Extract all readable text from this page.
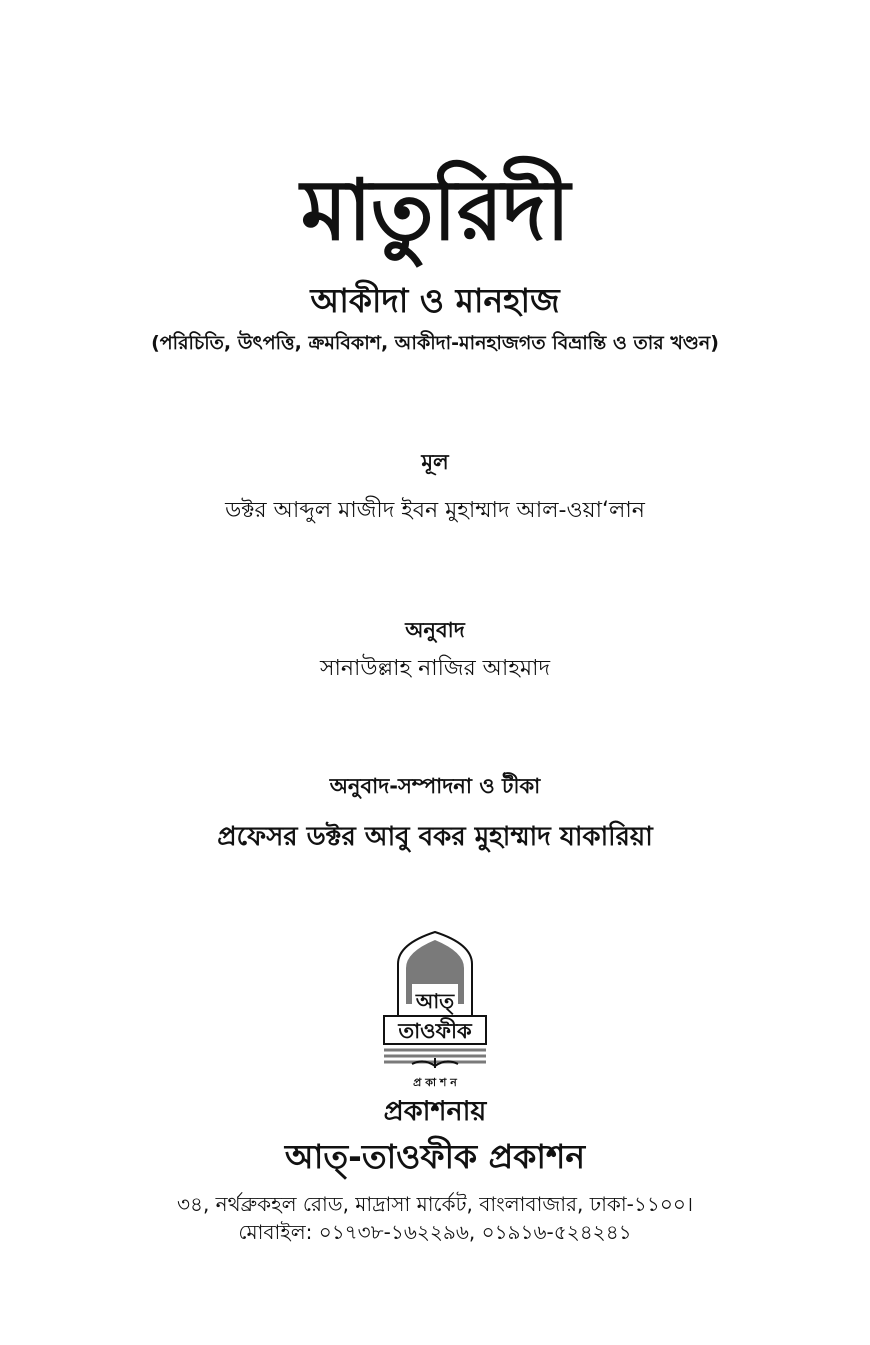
মাতুরিদী
আকীদা ও মানহাজ
(পরিচিতি, উৎপত্তি, ক্রমবিকাশ, আকীদা-মানহাজগত বিভ্রান্তি ও তার খণ্ডন)
মূল
ডক্টর আব্দুল মাজীদ ইবন মুহাম্মাদ আল-ওয়া‘লান
অনুবাদ
সানাউল্লাহ নাজির আহমাদ
অনুবাদ-সম্পাদনা ও টীকা
প্রফেসর ডক্টর আবু বকর মুহাম্মাদ যাকারিয়া
আত্
তাওফীক
প্র কা শ ন
প্রকাশনায়
আত্-তাওফীক প্রকাশন
৩৪, নর্থব্রুকহল রোড, মাদ্রাসা মার্কেট, বাংলাবাজার, ঢাকা-১১০০।
মোবাইল: ০১৭৩৮-১৬২২৯৬, ০১৯১৬-৫২৪২৪১
